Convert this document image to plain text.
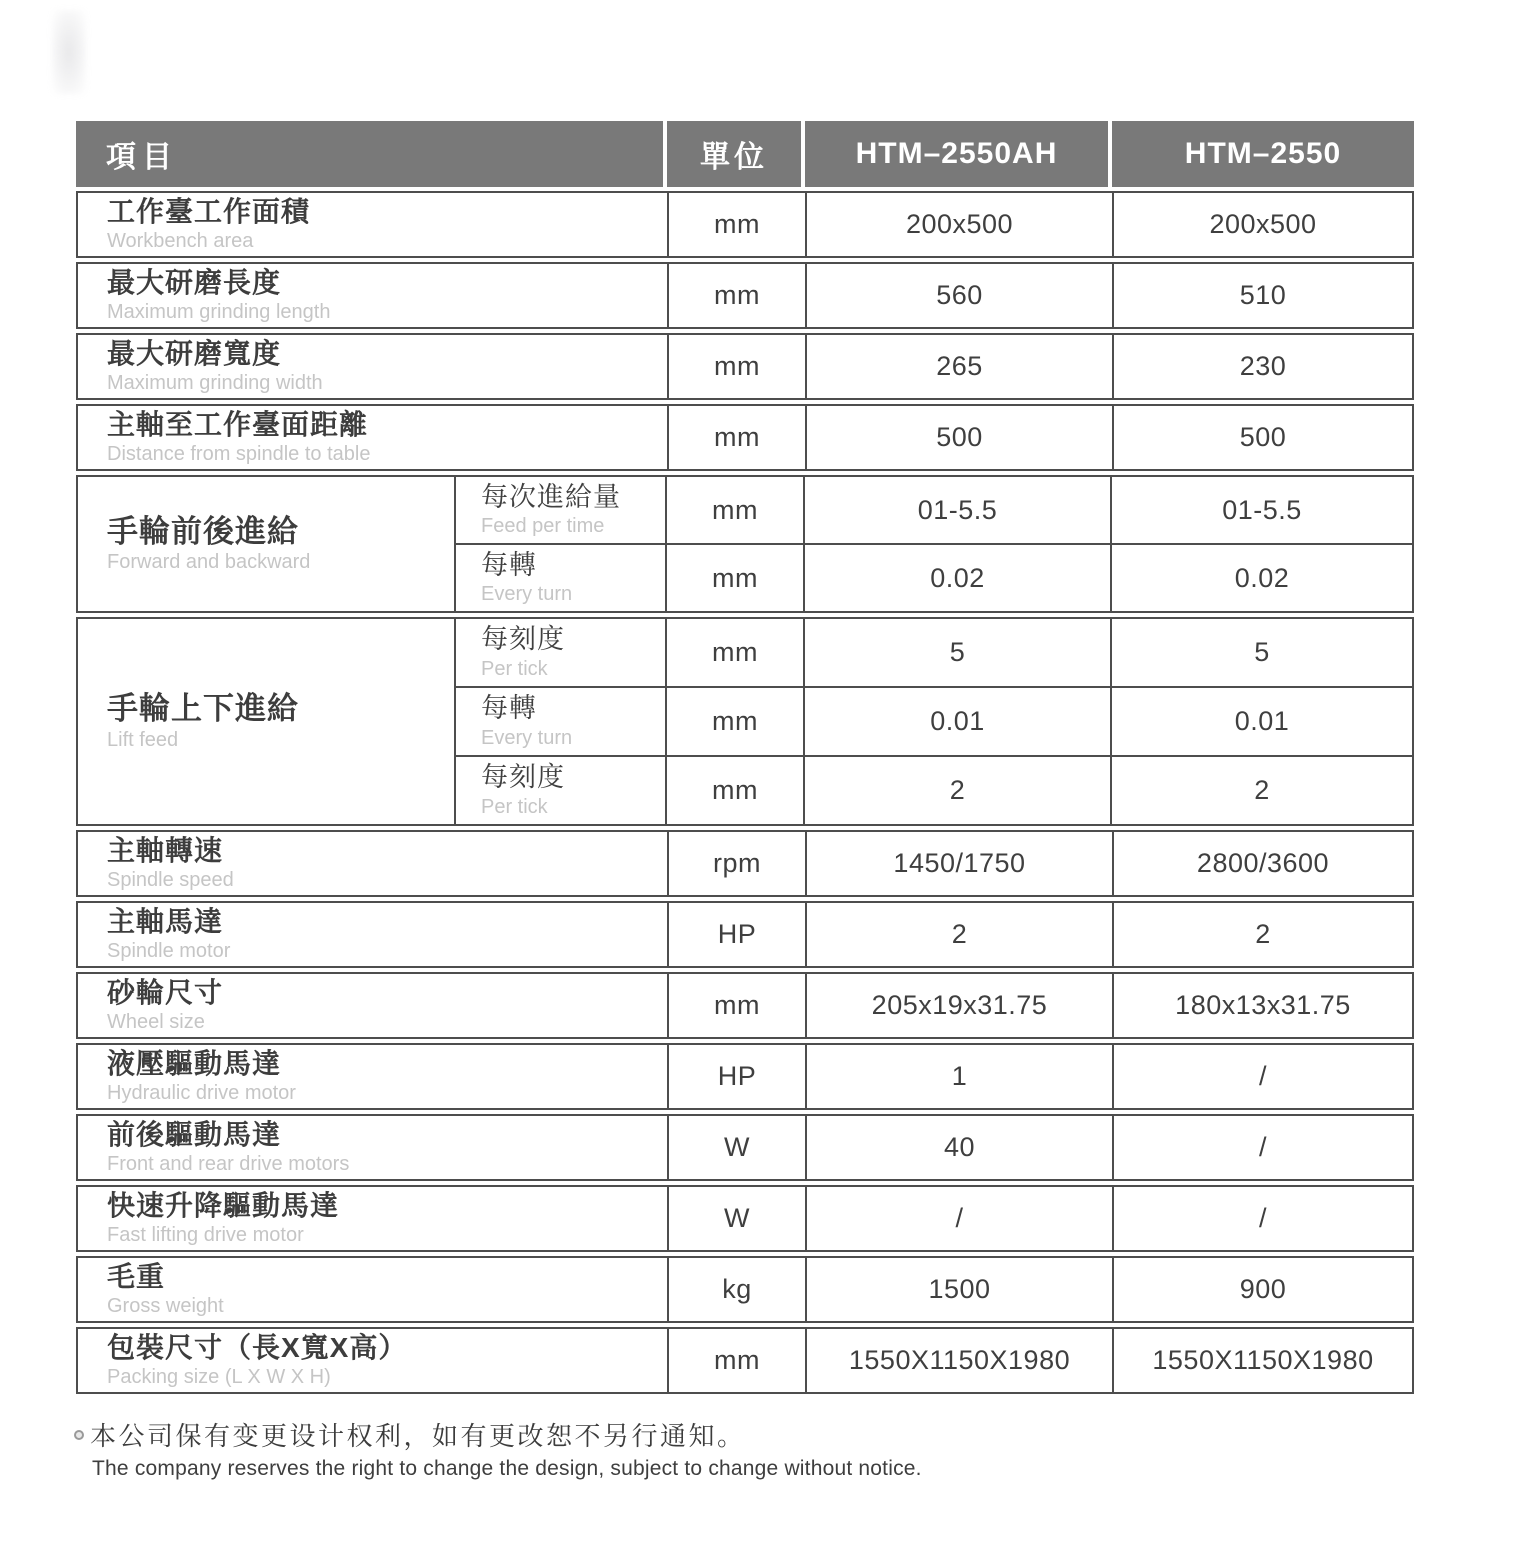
項目	單位	HTM–2550AH	HTM–2550
工作臺工作面積
Workbench area
mm	200x500	200x500
最大研磨長度
Maximum grinding length
mm	560	510
最大研磨寬度
Maximum grinding width
mm	265	230
主軸至工作臺面距離
Distance from spindle to table
mm	500	500
手輪前後進給
Forward and backward
每次進給量
Feed per time
mm	01-5.5	01-5.5
每轉
Every turn
mm	0.02	0.02
手輪上下進給
Lift feed
每刻度
Per tick
mm	5	5
每轉
Every turn
mm	0.01	0.01
每刻度
Per tick
mm	2	2
主軸轉速
Spindle speed
rpm	1450/1750	2800/3600
主軸馬達
Spindle motor
HP	2	2
砂輪尺寸
Wheel size
mm	205x19x31.75	180x13x31.75
液壓驅動馬達
Hydraulic drive motor
HP	1	/
前後驅動馬達
Front and rear drive motors
W	40	/
快速升降驅動馬達
Fast lifting drive motor
W	/	/
毛重
Gross weight
kg	1500	900
包裝尺寸（長X寬X高）
Packing size (L X W X H)
mm	1550X1150X1980	1550X1150X1980
本公司保有变更设计权利，如有更改恕不另行通知。
The company reserves the right to change the design, subject to change without notice.
